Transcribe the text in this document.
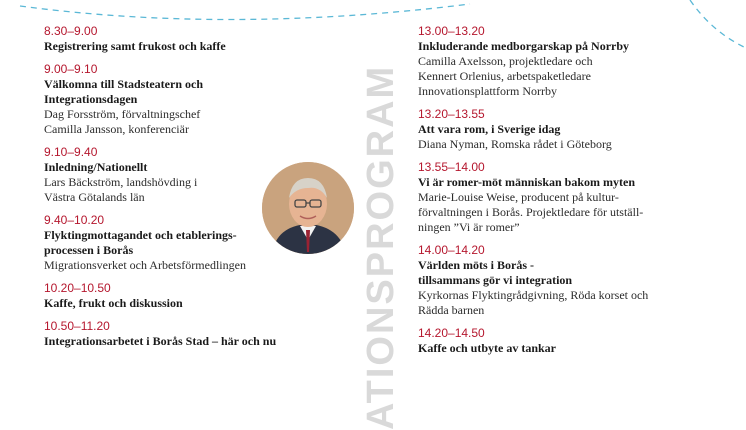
8.30–9.00
Registrering samt frukost och kaffe
9.00–9.10
Välkomna till Stadsteatern och
Integrationsdagen
Dag Forsström, förvaltningschef
Camilla Jansson, konferenciär
9.10–9.40
Inledning/Nationellt
Lars Bäckström, landshövding i
Västra Götalands län
9.40–10.20
Flyktingmottagandet och etablerings-
processen i Borås
Migrationsverket och Arbetsförmedlingen
10.20–10.50
Kaffe, frukt och diskussion
10.50–11.20
Integrationsarbetet i Borås Stad – här och nu
13.00–13.20
Inkluderande medborgarskap på Norrby
Camilla Axelsson, projektledare och
Kennert Orlenius, arbetspaketledare
Innovationsplattform Norrby
13.20–13.55
Att vara rom, i Sverige idag
Diana Nyman, Romska rådet i Göteborg
13.55–14.00
Vi är romer-möt människan bakom myten
Marie-Louise Weise, producent på kultur-
förvaltningen i Borås. Projektledare för utställ-
ningen ”Vi är romer”
14.00–14.20
Världen möts i Borås -
tillsammans gör vi integration
Kyrkornas Flyktingrådgivning, Röda korset och
Rädda barnen
14.20–14.50
Kaffe och utbyte av tankar
ATIONSPROGRAM
